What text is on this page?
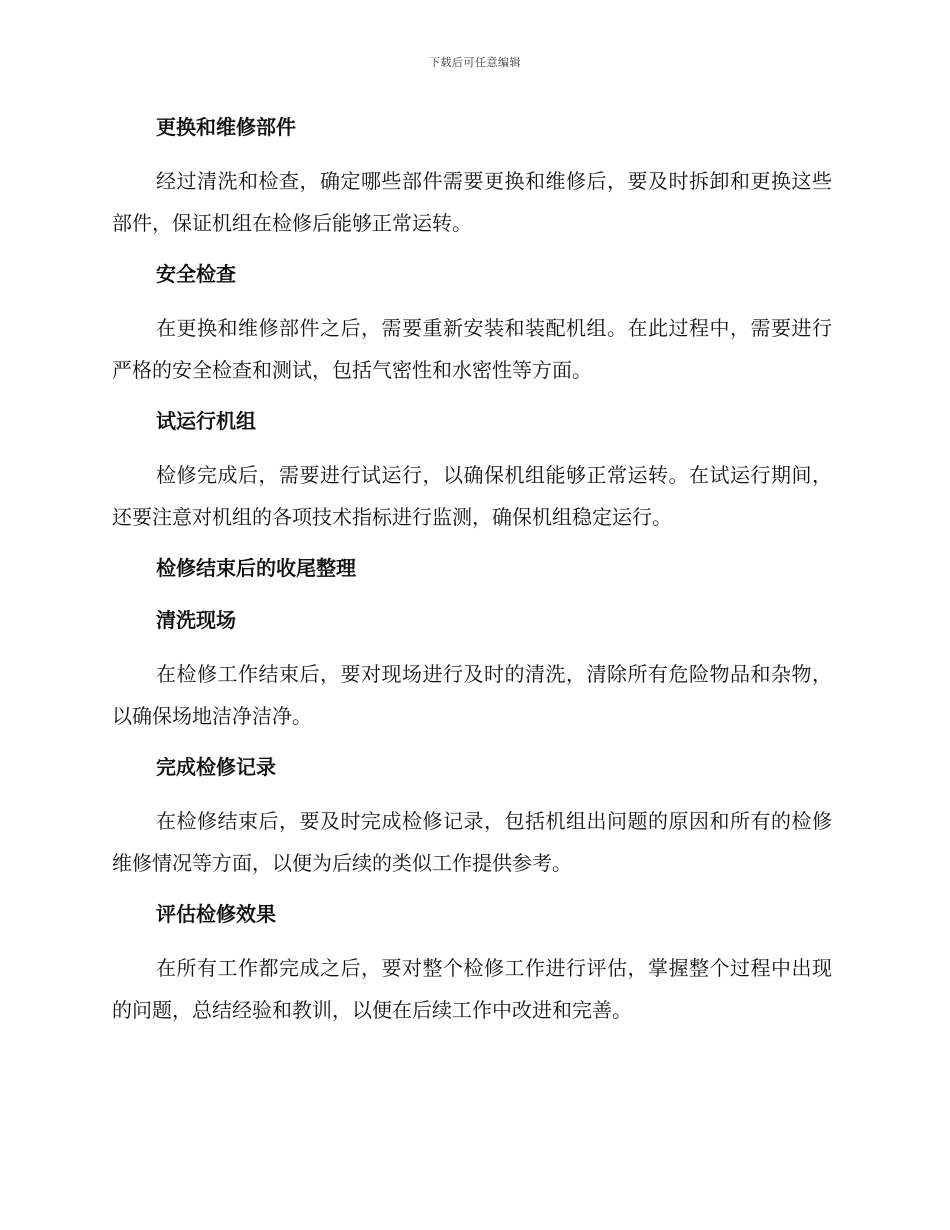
下载后可任意编辑
更换和维修部件
经过清洗和检查，确定哪些部件需要更换和维修后，要及时拆卸和更换这些部件，保证机组在检修后能够正常运转。
安全检查
在更换和维修部件之后，需要重新安装和装配机组。在此过程中，需要进行严格的安全检查和测试，包括气密性和水密性等方面。
试运行机组
检修完成后，需要进行试运行，以确保机组能够正常运转。在试运行期间，还要注意对机组的各项技术指标进行监测，确保机组稳定运行。
检修结束后的收尾整理
清洗现场
在检修工作结束后，要对现场进行及时的清洗，清除所有危险物品和杂物，以确保场地洁净洁净。
完成检修记录
在检修结束后，要及时完成检修记录，包括机组出问题的原因和所有的检修维修情况等方面，以便为后续的类似工作提供参考。
评估检修效果
在所有工作都完成之后，要对整个检修工作进行评估，掌握整个过程中出现的问题，总结经验和教训，以便在后续工作中改进和完善。
